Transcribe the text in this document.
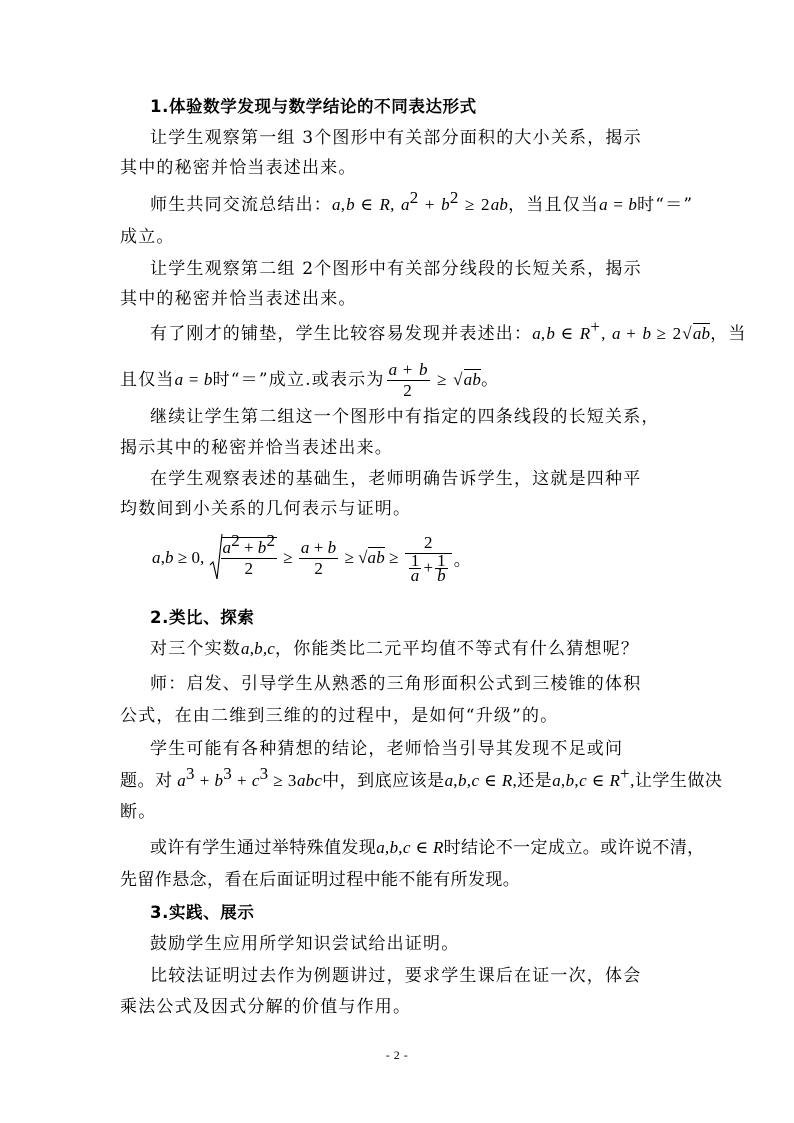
1.体验数学发现与数学结论的不同表达形式
让学生观察第一组 3个图形中有关部分面积的大小关系，揭示
其中的秘密并恰当表述出来。
师生共同交流总结出：a,b ∈ R, $a^2 + b^2 \ge 2ab$，当且仅当a = b时“＝”
成立。
让学生观察第二组 2个图形中有关部分线段的长短关系，揭示
其中的秘密并恰当表述出来。
有了刚才的铺垫，学生比较容易发现并表述出：a,b ∈ R+, a + b ≥ 2√ab，当
且仅当a = b时“＝”成立.或表示为 $\frac{a + b}{2} \ge √ab$。
继续让学生第二组这一个图形中有指定的四条线段的长短关系，
揭示其中的秘密并恰当表述出来。
在学生观察表述的基础生，老师明确告诉学生，这就是四种平
均数间到小关系的几何表示与证明。
a,b ≥ 0, $\frac{a^2 + b^2}{2} \ge \frac{a + b}{2} \ge √ab \ge \frac{2}{\frac{1}{a} + \frac{1}{b}}$ 。
2.类比、探索
对三个实数a,b,c，你能类比二元平均值不等式有什么猜想呢？
师：启发、引导学生从熟悉的三角形面积公式到三棱锥的体积
公式，在由二维到三维的的过程中，是如何“升级”的。
学生可能有各种猜想的结论，老师恰当引导其发现不足或问
题。对 $a^3 + b^3 + c^3 \ge 3abc$中，到底应该是a,b,c ∈ R,还是a,b,c ∈ R+,让学生做决
断。
或许有学生通过举特殊值发现a,b,c ∈ R时结论不一定成立。或许说不清，
先留作悬念，看在后面证明过程中能不能有所发现。
3.实践、展示
鼓励学生应用所学知识尝试给出证明。
比较法证明过去作为例题讲过，要求学生课后在证一次，体会
乘法公式及因式分解的价值与作用。
- 2 -
